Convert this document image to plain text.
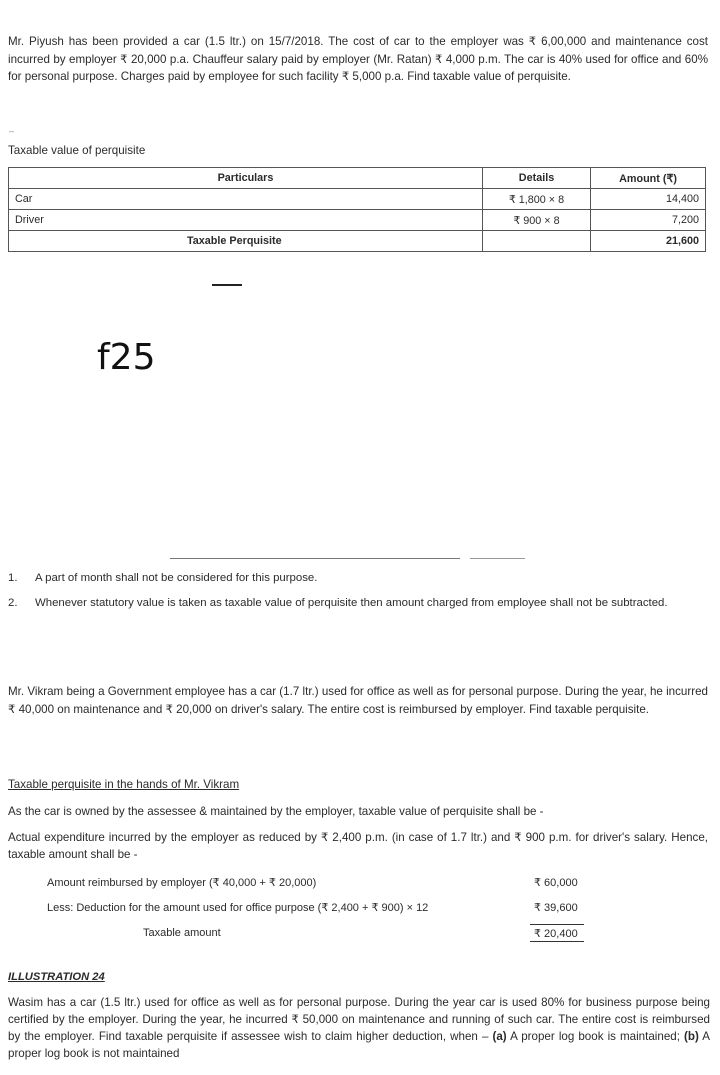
Mr. Piyush has been provided a car (1.5 ltr.) on 15/7/2018. The cost of car to the employer was ₹ 6,00,000 and maintenance cost incurred by employer ₹ 20,000 p.a. Chauffeur salary paid by employer (Mr. Ratan) ₹ 4,000 p.m. The car is 40% used for office and 60% for personal purpose. Charges paid by employee for such facility ₹ 5,000 p.a. Find taxable value of perquisite.
–
Taxable value of perquisite
Particulars	Details	Amount (₹)
Car	₹ 1,800 × 8	14,400
Driver	₹ 900 × 8	7,200
Taxable Perquisite		21,600
f25
1. A part of month shall not be considered for this purpose.
2. Whenever statutory value is taken as taxable value of perquisite then amount charged from employee shall not be subtracted.
Mr. Vikram being a Government employee has a car (1.7 ltr.) used for office as well as for personal purpose. During the year, he incurred ₹ 40,000 on maintenance and ₹ 20,000 on driver's salary. The entire cost is reimbursed by employer. Find taxable perquisite.
Taxable perquisite in the hands of Mr. Vikram
As the car is owned by the assessee & maintained by the employer, taxable value of perquisite shall be -
Actual expenditure incurred by the employer as reduced by ₹ 2,400 p.m. (in case of 1.7 ltr.) and ₹ 900 p.m. for driver's salary. Hence, taxable amount shall be -
Amount reimbursed by employer (₹ 40,000 + ₹ 20,000)	₹ 60,000
Less: Deduction for the amount used for office purpose (₹ 2,400 + ₹ 900) × 12	₹ 39,600
Taxable amount	₹ 20,400
ILLUSTRATION 24
Wasim has a car (1.5 ltr.) used for office as well as for personal purpose. During the year car is used 80% for business purpose being certified by the employer. During the year, he incurred ₹ 50,000 on maintenance and running of such car. The entire cost is reimbursed by the employer. Find taxable perquisite if assessee wish to claim higher deduction, when – (a) A proper log book is maintained; (b) A proper log book is not maintained
